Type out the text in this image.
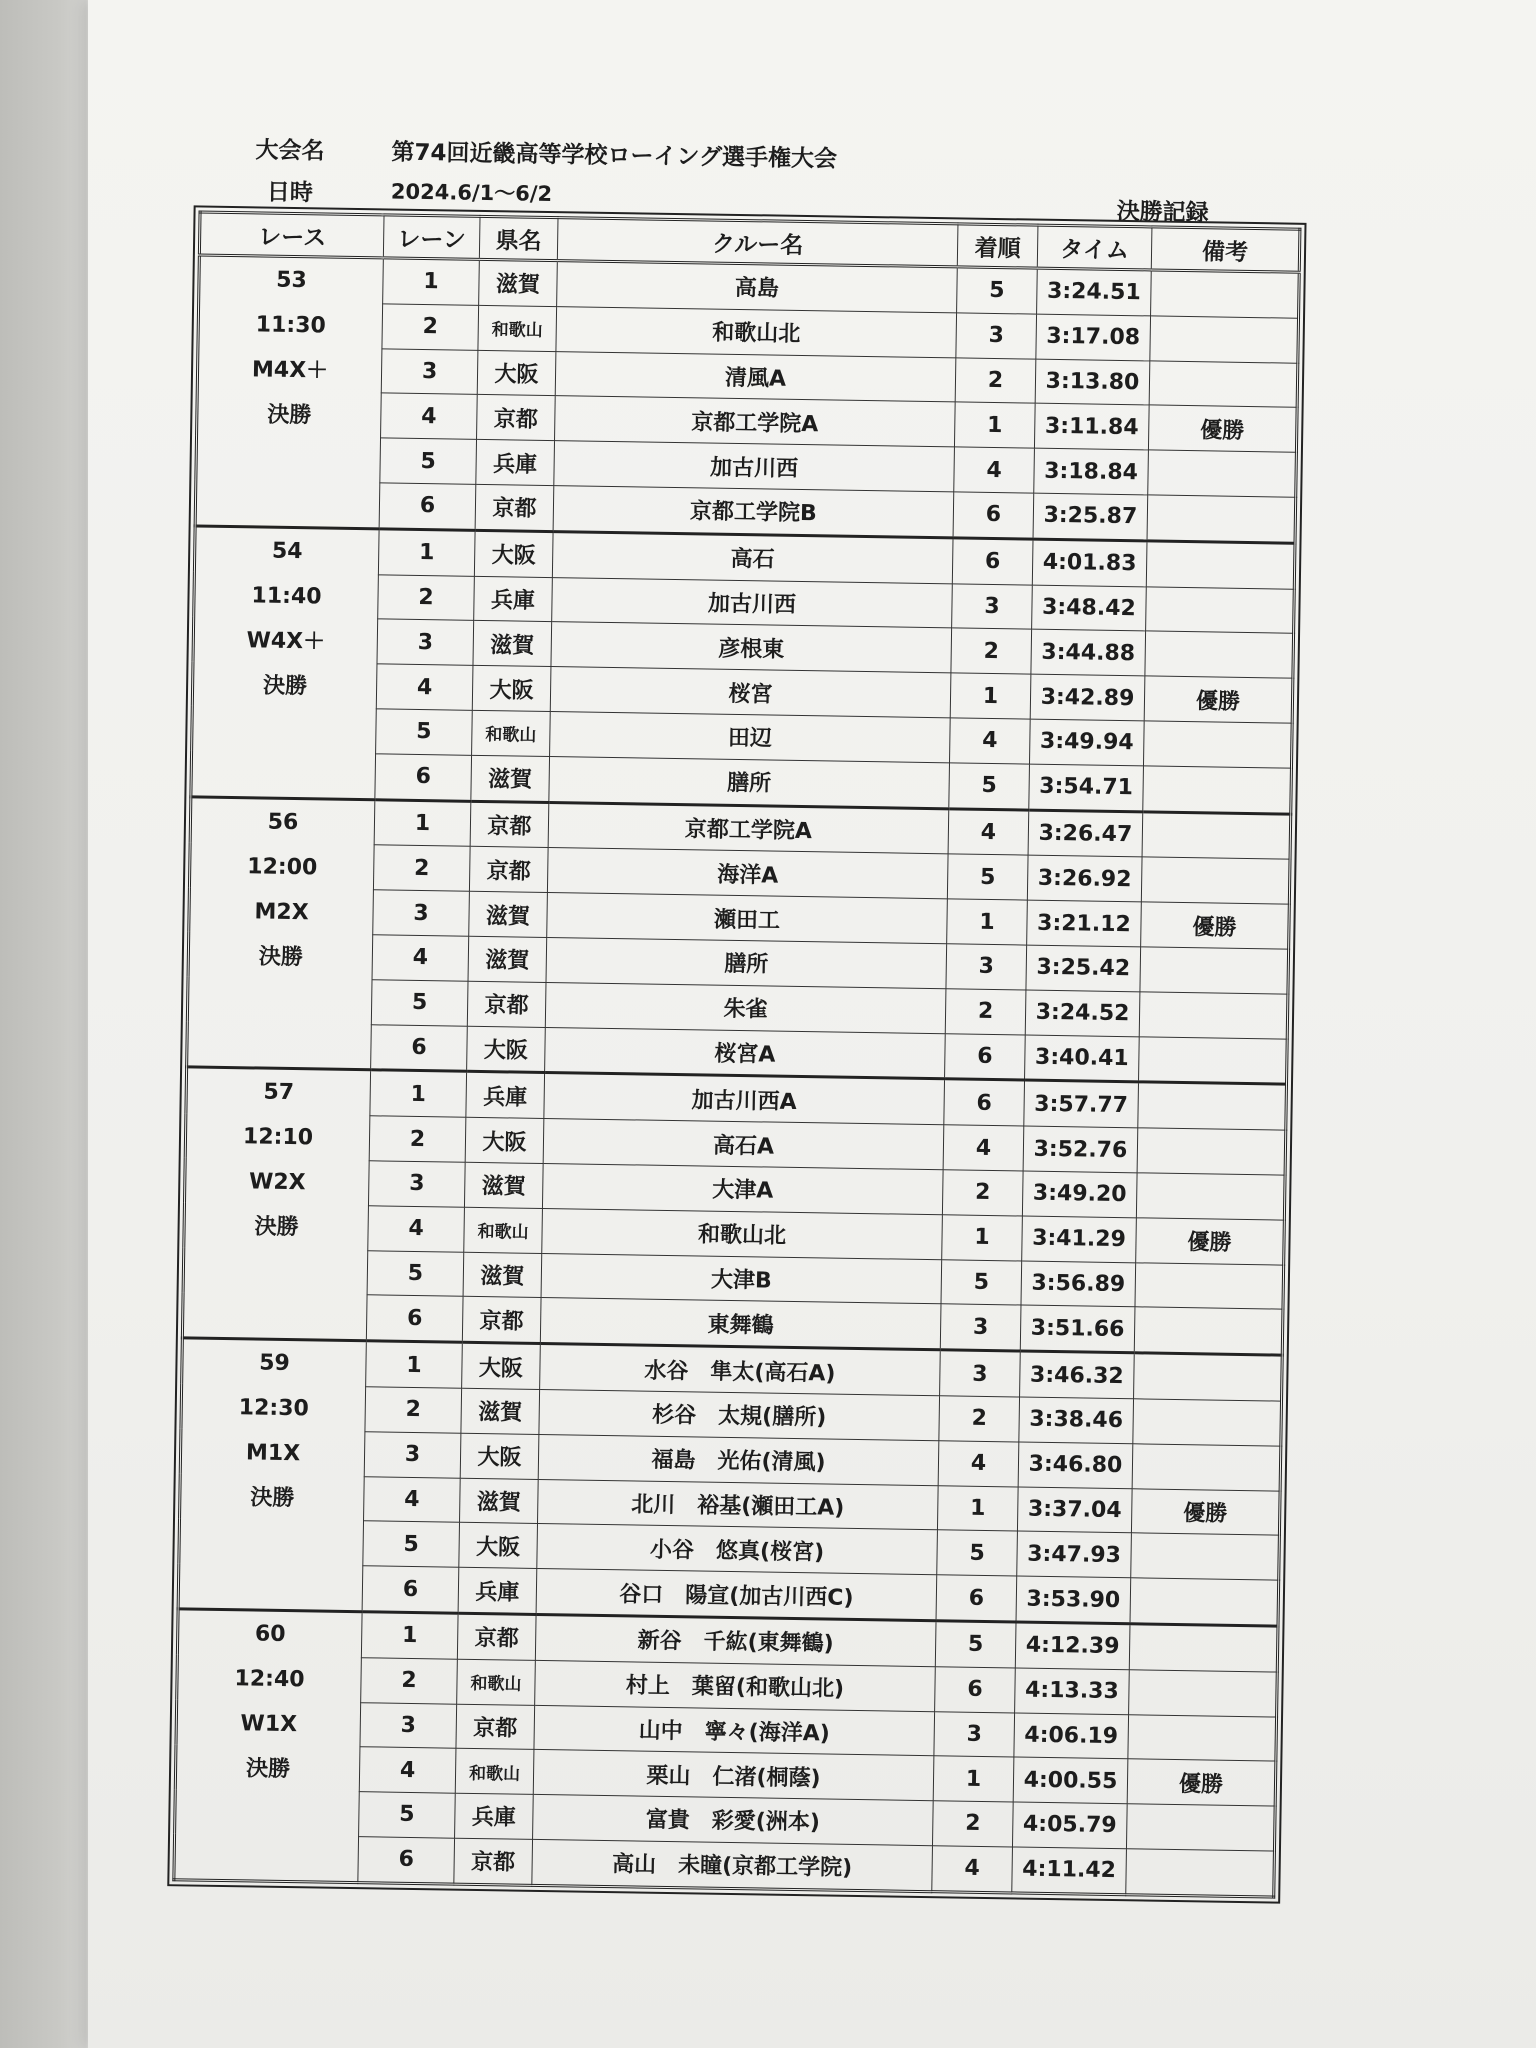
大会名	第74回近畿高等学校ローイング選手権大会
日時	2024.6/1～6/2
決勝記録
レース	レーン	県名	クルー名	着順	タイム	備考

53
11:30
M4X＋
決勝	1	滋賀	高島	5	3:24.51	
	2	和歌山	和歌山北	3	3:17.08	
	3	大阪	清風A	2	3:13.80	
	4	京都	京都工学院A	1	3:11.84	優勝
	5	兵庫	加古川西	4	3:18.84	
	6	京都	京都工学院B	6	3:25.87	

54
11:40
W4X＋
決勝	1	大阪	高石	6	4:01.83	
	2	兵庫	加古川西	3	3:48.42	
	3	滋賀	彦根東	2	3:44.88	
	4	大阪	桜宮	1	3:42.89	優勝
	5	和歌山	田辺	4	3:49.94	
	6	滋賀	膳所	5	3:54.71	

56
12:00
M2X
決勝	1	京都	京都工学院A	4	3:26.47	
	2	京都	海洋A	5	3:26.92	
	3	滋賀	瀬田工	1	3:21.12	優勝
	4	滋賀	膳所	3	3:25.42	
	5	京都	朱雀	2	3:24.52	
	6	大阪	桜宮A	6	3:40.41	

57
12:10
W2X
決勝	1	兵庫	加古川西A	6	3:57.77	
	2	大阪	高石A	4	3:52.76	
	3	滋賀	大津A	2	3:49.20	
	4	和歌山	和歌山北	1	3:41.29	優勝
	5	滋賀	大津B	5	3:56.89	
	6	京都	東舞鶴	3	3:51.66	

59
12:30
M1X
決勝	1	大阪	水谷　隼太(高石A)	3	3:46.32	
	2	滋賀	杉谷　太規(膳所)	2	3:38.46	
	3	大阪	福島　光佑(清風)	4	3:46.80	
	4	滋賀	北川　裕基(瀬田工A)	1	3:37.04	優勝
	5	大阪	小谷　悠真(桜宮)	5	3:47.93	
	6	兵庫	谷口　陽宣(加古川西C)	6	3:53.90	

60
12:40
W1X
決勝	1	京都	新谷　千紘(東舞鶴)	5	4:12.39	
	2	和歌山	村上　葉留(和歌山北)	6	4:13.33	
	3	京都	山中　寧々(海洋A)	3	4:06.19	
	4	和歌山	栗山　仁渚(桐蔭)	1	4:00.55	優勝
	5	兵庫	富貴　彩愛(洲本)	2	4:05.79	
	6	京都	高山　未瞳(京都工学院)	4	4:11.42	
